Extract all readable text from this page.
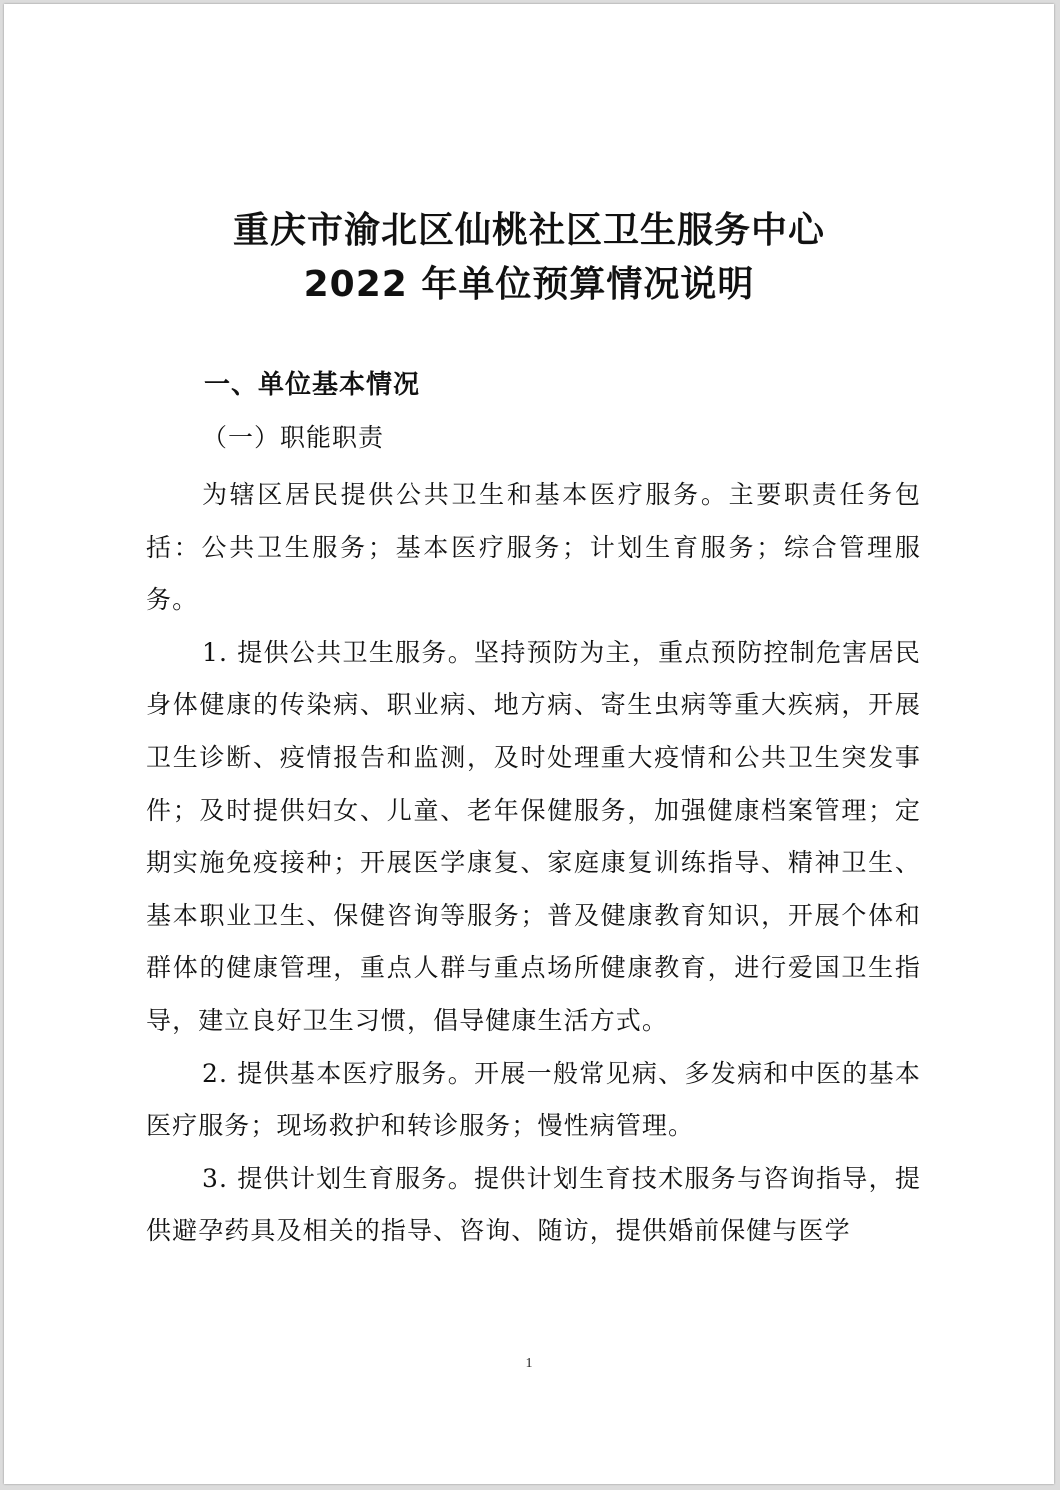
重庆市渝北区仙桃社区卫生服务中心
2022 年单位预算情况说明
一、单位基本情况
（一）职能职责

为辖区居民提供公共卫生和基本医疗服务。主要职责任务包括：公共卫生服务；基本医疗服务；计划生育服务；综合管理服务。

1. 提供公共卫生服务。坚持预防为主，重点预防控制危害居民身体健康的传染病、职业病、地方病、寄生虫病等重大疾病，开展卫生诊断、疫情报告和监测，及时处理重大疫情和公共卫生突发事件；及时提供妇女、儿童、老年保健服务，加强健康档案管理；定期实施免疫接种；开展医学康复、家庭康复训练指导、精神卫生、基本职业卫生、保健咨询等服务；普及健康教育知识，开展个体和群体的健康管理，重点人群与重点场所健康教育，进行爱国卫生指导，建立良好卫生习惯，倡导健康生活方式。

2. 提供基本医疗服务。开展一般常见病、多发病和中医的基本医疗服务；现场救护和转诊服务；慢性病管理。

3. 提供计划生育服务。提供计划生育技术服务与咨询指导，提供避孕药具及相关的指导、咨询、随访，提供婚前保健与医学

1
